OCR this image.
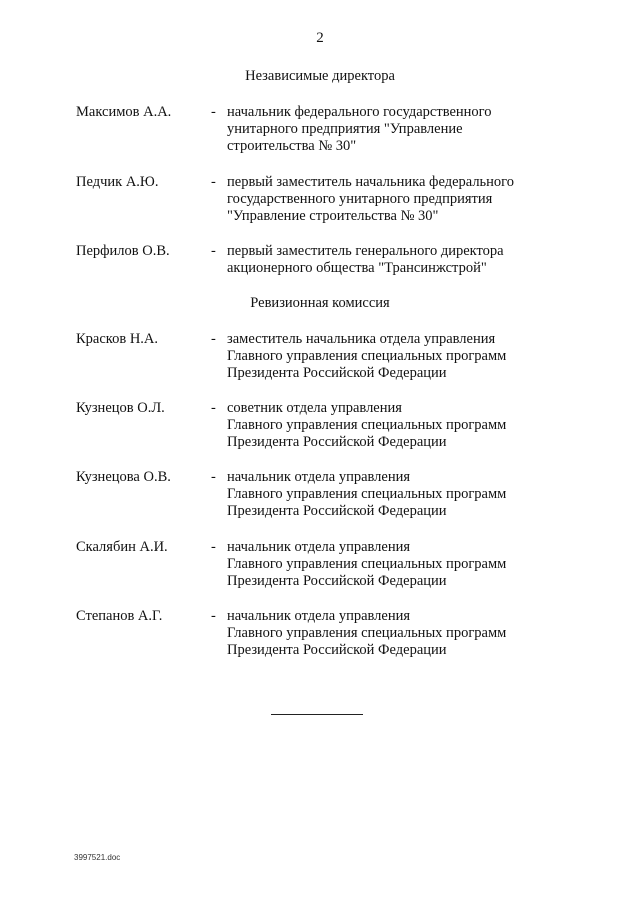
2
Независимые директора
Максимов А.А.	- начальник федерального государственного
унитарного предприятия "Управление
строительства № 30"
Педчик А.Ю.	- первый заместитель начальника федерального
государственного унитарного предприятия
"Управление строительства № 30"
Перфилов О.В.	- первый заместитель генерального директора
акционерного общества "Трансинжстрой"
Ревизионная комиссия
Красков Н.А.	- заместитель начальника отдела управления
Главного управления специальных программ
Президента Российской Федерации
Кузнецов О.Л.	- советник отдела управления
Главного управления специальных программ
Президента Российской Федерации
Кузнецова О.В.	- начальник отдела управления
Главного управления специальных программ
Президента Российской Федерации
Скалябин А.И.	- начальник отдела управления
Главного управления специальных программ
Президента Российской Федерации
Степанов А.Г.	- начальник отдела управления
Главного управления специальных программ
Президента Российской Федерации
3997521.doc
